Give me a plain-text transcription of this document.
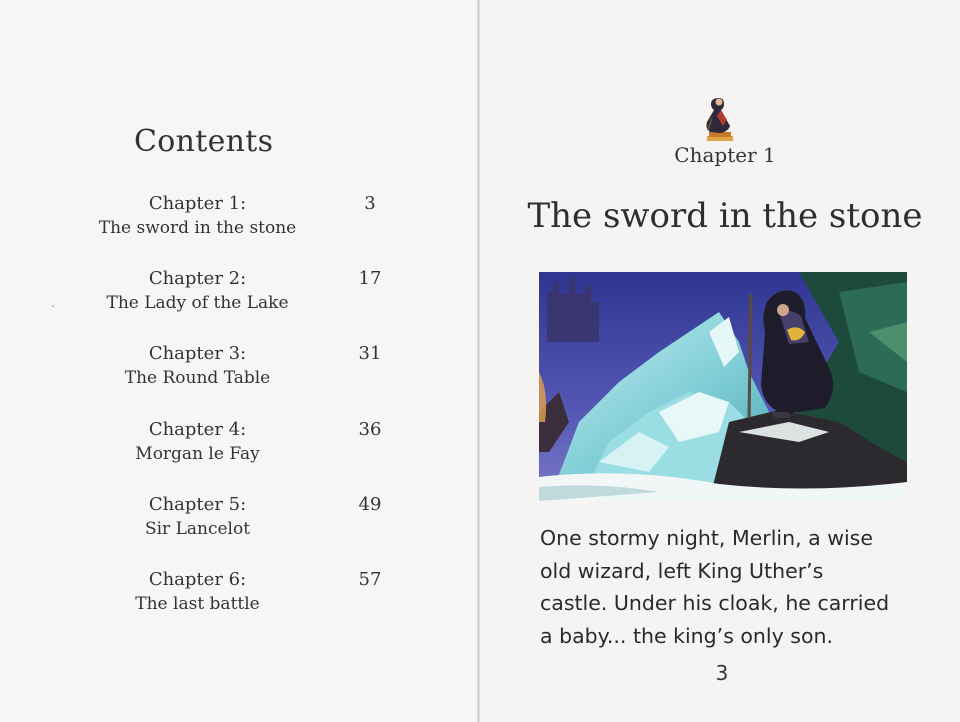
Contents
Chapter 1:
The sword in the stone
3
Chapter 2:
The Lady of the Lake
17
Chapter 3:
The Round Table
31
Chapter 4:
Morgan le Fay
36
Chapter 5:
Sir Lancelot
49
Chapter 6:
The last battle
57
Chapter 1
The sword in the stone
One stormy night, Merlin, a wise
old wizard, left King Uther’s
castle. Under his cloak, he carried
a baby... the king’s only son.
3
